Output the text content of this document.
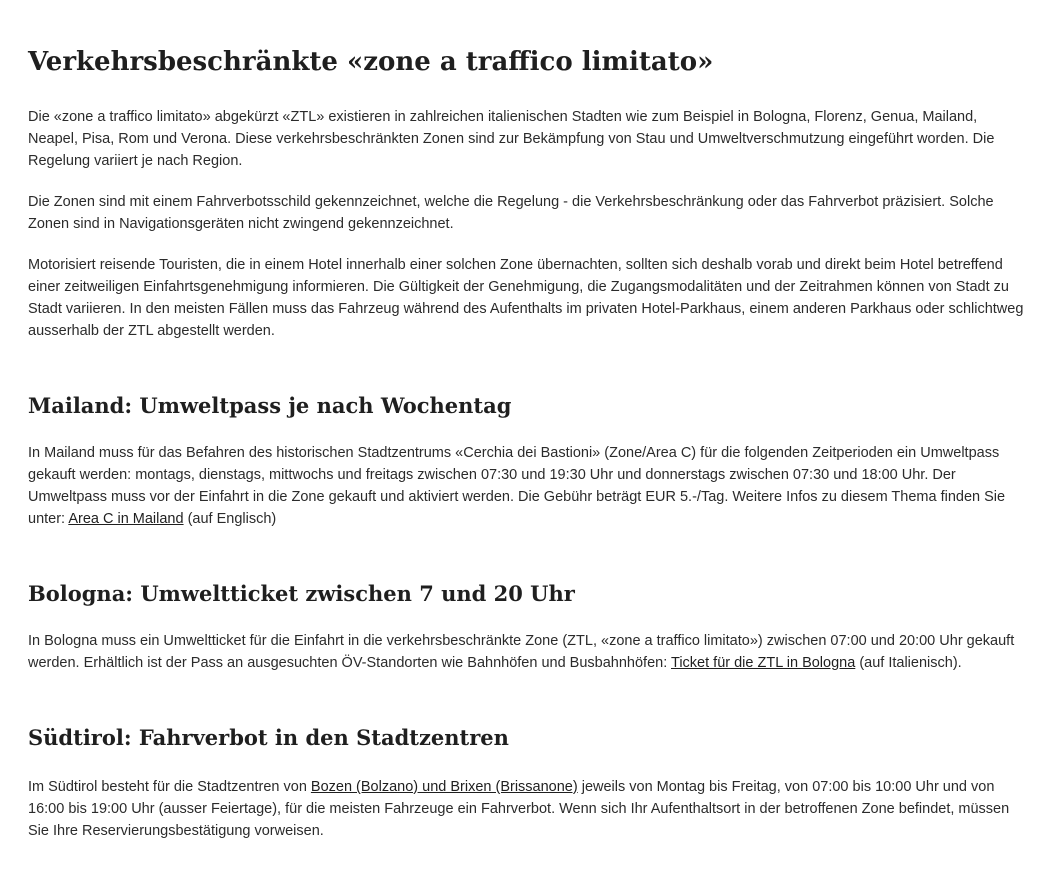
Verkehrsbeschränkte «zone a traffico limitato»

Die «zone a traffico limitato» abgekürzt «ZTL» existieren in zahlreichen italienischen Stadten wie zum Beispiel in Bologna, Florenz, Genua, Mailand, Neapel, Pisa, Rom und Verona. Diese verkehrsbeschränkten Zonen sind zur Bekämpfung von Stau und Umweltverschmutzung eingeführt worden. Die Regelung variiert je nach Region.

Die Zonen sind mit einem Fahrverbotsschild gekennzeichnet, welche die Regelung - die Verkehrsbeschränkung oder das Fahrverbot präzisiert. Solche Zonen sind in Navigationsgeräten nicht zwingend gekennzeichnet.

Motorisiert reisende Touristen, die in einem Hotel innerhalb einer solchen Zone übernachten, sollten sich deshalb vorab und direkt beim Hotel betreffend einer zeitweiligen Einfahrtsgenehmigung informieren. Die Gültigkeit der Genehmigung, die Zugangsmodalitäten und der Zeitrahmen können von Stadt zu Stadt variieren. In den meisten Fällen muss das Fahrzeug während des Aufenthalts im privaten Hotel-Parkhaus, einem anderen Parkhaus oder schlichtweg ausserhalb der ZTL abgestellt werden.

Mailand: Umweltpass je nach Wochentag

In Mailand muss für das Befahren des historischen Stadtzentrums «Cerchia dei Bastioni» (Zone/Area C) für die folgenden Zeitperioden ein Umweltpass gekauft werden: montags, dienstags, mittwochs und freitags zwischen 07:30 und 19:30 Uhr und donnerstags zwischen 07:30 und 18:00 Uhr. Der Umweltpass muss vor der Einfahrt in die Zone gekauft und aktiviert werden. Die Gebühr beträgt EUR 5.-/Tag. Weitere Infos zu diesem Thema finden Sie unter: Area C in Mailand (auf Englisch)

Bologna: Umweltticket zwischen 7 und 20 Uhr

In Bologna muss ein Umweltticket für die Einfahrt in die verkehrsbeschränkte Zone (ZTL, «zone a traffico limitato») zwischen 07:00 und 20:00 Uhr gekauft werden. Erhältlich ist der Pass an ausgesuchten ÖV-Standorten wie Bahnhöfen und Busbahnhöfen: Ticket für die ZTL in Bologna (auf Italienisch).

Südtirol: Fahrverbot in den Stadtzentren

Im Südtirol besteht für die Stadtzentren von Bozen (Bolzano) und Brixen (Brissanone) jeweils von Montag bis Freitag, von 07:00 bis 10:00 Uhr und von 16:00 bis 19:00 Uhr (ausser Feiertage), für die meisten Fahrzeuge ein Fahrverbot. Wenn sich Ihr Aufenthaltsort in der betroffenen Zone befindet, müssen Sie Ihre Reservierungsbestätigung vorweisen.
